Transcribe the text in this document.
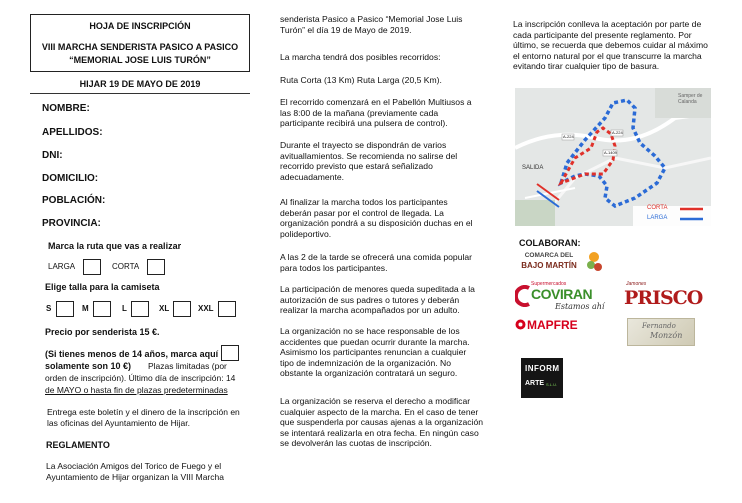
HOJA DE INSCRIPCIÓN
VIII MARCHA SENDERISTA PASICO A PASICO
“MEMORIAL JOSE LUIS TURÓN”
HIJAR 19 DE MAYO DE 2019
NOMBRE:
APELLIDOS:
DNI:
DOMICILIO:
POBLACIÓN:
PROVINCIA:
Marca la ruta que vas a realizar
LARGA	CORTA
Elige talla para la camiseta
S	M	L	XL	XXL
Precio por senderista 15 €.
(Si tienes menos de 14 años, marca aquí
solamente son 10 €) Plazas limitadas (por
orden de inscripción). Último día de inscripción: 14
de MAYO o hasta fin de plazas predeterminadas
Entrega este boletín y el dinero de la inscripción en
las oficinas del Ayuntamiento de Hijar.
REGLAMENTO
La Asociación Amigos del Torico de Fuego y el
Ayuntamiento de Hijar organizan la VIII Marcha
Samper de Calanda
A-224
A-224
A-1409
SALIDA
CORTA
LARGA
COLABORAN:
COMARCA DEL
BAJO MARTÍN
Supermercados
COVIRAN
Estamos ahí
Jamones
PRISCO
MAPFRE	Fernando
Monzón
INFORM
ARTE S.L.U.
senderista Pasico a Pasico “Memorial Jose Luis
Turón” el día 19 de Mayo de 2019.
La marcha tendrá dos posibles recorridos:
Ruta Corta (13 Km) Ruta Larga (20,5 Km).
El recorrido comenzará en el Pabellón Multiusos a
las 8:00 de la mañana (previamente cada
participante recibirá una pulsera de control).
Durante el trayecto se dispondrán de varios
avituallamientos. Se recomienda no salirse del
recorrido previsto que estará señalizado
adecuadamente.
Al finalizar la marcha todos los participantes
deberán pasar por el control de llegada. La
organización pondrá a su disposición duchas en el
polideportivo.
A las 2 de la tarde se ofrecerá una comida popular
para todos los participantes.
La participación de menores queda supeditada a la
autorización de sus padres o tutores y deberán
realizar la marcha acompañados por un adulto.
La organización no se hace responsable de los
accidentes que puedan ocurrir durante la marcha.
Asimismo los participantes renuncian a cualquier
tipo de indemnización de la organización. No
obstante la organización contratará un seguro.
La organización se reserva el derecho a modificar
cualquier aspecto de la marcha. En el caso de tener
que suspenderla por causas ajenas a la organización
se intentará realizarla en otra fecha. En ningún caso
se devolverán las cuotas de inscripción.
La inscripción conlleva la aceptación por parte de
cada participante del presente reglamento. Por
último, se recuerda que debemos cuidar al máximo
el entorno natural por el que transcurre la marcha
evitando tirar cualquier tipo de basura.
